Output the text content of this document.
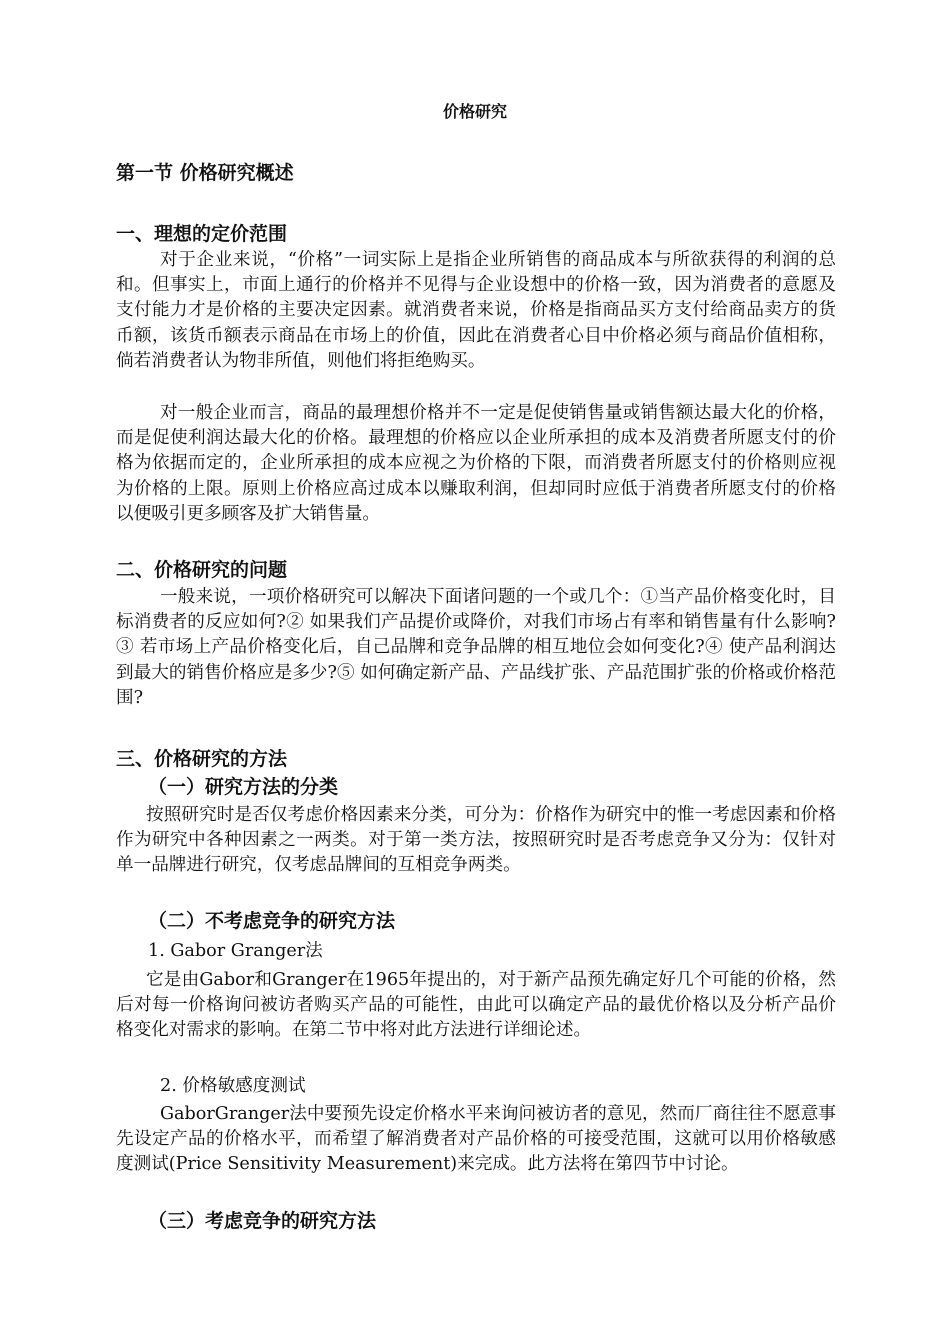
价格研究
第一节 价格研究概述
一、理想的定价范围
对于企业来说，“价格”一词实际上是指企业所销售的商品成本与所欲获得的利润的总和。但事实上，市面上通行的价格并不见得与企业设想中的价格一致，因为消费者的意愿及支付能力才是价格的主要决定因素。就消费者来说，价格是指商品买方支付给商品卖方的货币额，该货币额表示商品在市场上的价值，因此在消费者心目中价格必须与商品价值相称，倘若消费者认为物非所值，则他们将拒绝购买。
对一般企业而言，商品的最理想价格并不一定是促使销售量或销售额达最大化的价格，而是促使利润达最大化的价格。最理想的价格应以企业所承担的成本及消费者所愿支付的价格为依据而定的，企业所承担的成本应视之为价格的下限，而消费者所愿支付的价格则应视为价格的上限。原则上价格应高过成本以赚取利润，但却同时应低于消费者所愿支付的价格以便吸引更多顾客及扩大销售量。
二、价格研究的问题
一般来说，一项价格研究可以解决下面诸问题的一个或几个：①当产品价格变化时，目标消费者的反应如何?② 如果我们产品提价或降价，对我们市场占有率和销售量有什么影响?③ 若市场上产品价格变化后，自己品牌和竞争品牌的相互地位会如何变化?④ 使产品利润达到最大的销售价格应是多少?⑤ 如何确定新产品、产品线扩张、产品范围扩张的价格或价格范围?
三、价格研究的方法
（一）研究方法的分类
按照研究时是否仅考虑价格因素来分类，可分为：价格作为研究中的惟一考虑因素和价格作为研究中各种因素之一两类。对于第一类方法，按照研究时是否考虑竞争又分为：仅针对单一品牌进行研究，仅考虑品牌间的互相竞争两类。
（二）不考虑竞争的研究方法
1. Gabor Granger法
它是由Gabor和Granger在1965年提出的，对于新产品预先确定好几个可能的价格，然后对每一价格询问被访者购买产品的可能性，由此可以确定产品的最优价格以及分析产品价格变化对需求的影响。在第二节中将对此方法进行详细论述。
2. 价格敏感度测试
GaborGranger法中要预先设定价格水平来询问被访者的意见，然而厂商往往不愿意事先设定产品的价格水平，而希望了解消费者对产品价格的可接受范围，这就可以用价格敏感度测试(Price Sensitivity Measurement)来完成。此方法将在第四节中讨论。
（三）考虑竞争的研究方法
